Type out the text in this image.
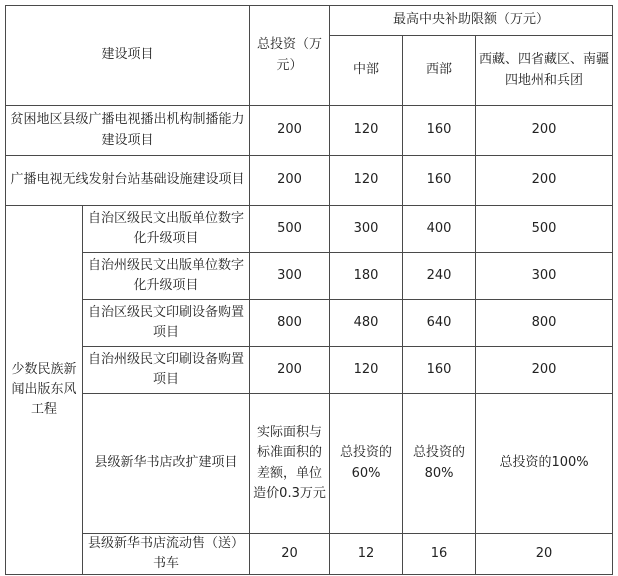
建设项目		总投资（万元）	最高中央补助限额（万元）		
			中部	西部	西藏、四省藏区、南疆四地州和兵团
贫困地区县级广播电视播出机构制播能力建设项目		200	120	160	200
广播电视无线发射台站基础设施建设项目		200	120	160	200
少数民族新闻出版东风工程	自治区级民文出版单位数字化升级项目	500	300	400	500
	自治州级民文出版单位数字化升级项目	300	180	240	300
	自治区级民文印刷设备购置项目	800	480	640	800
	自治州级民文印刷设备购置项目	200	120	160	200
	县级新华书店改扩建项目	实际面积与标准面积的差额，单位造价0.3万元	总投资的60%	总投资的80%	总投资的100%
	县级新华书店流动售（送）书车	20	12	16	20
